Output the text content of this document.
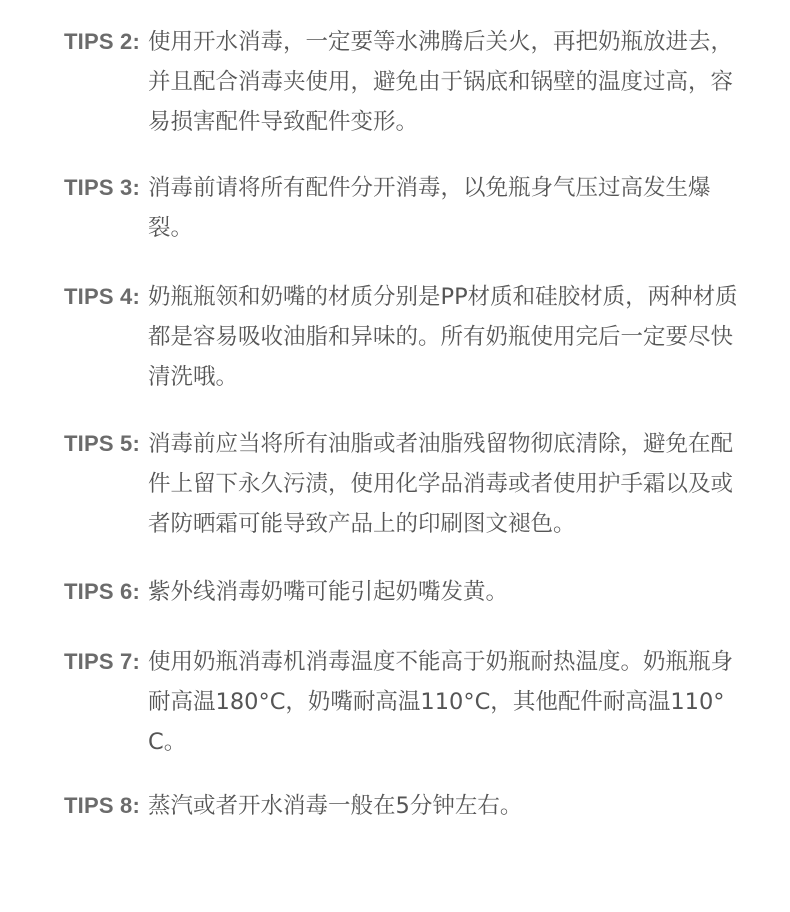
TIPS 2: 使用开水消毒，一定要等水沸腾后关火，再把奶瓶放进去，并且配合消毒夹使用，避免由于锅底和锅壁的温度过高，容易损害配件导致配件变形。
TIPS 3: 消毒前请将所有配件分开消毒，以免瓶身气压过高发生爆裂。
TIPS 4: 奶瓶瓶领和奶嘴的材质分别是PP材质和硅胶材质，两种材质都是容易吸收油脂和异味的。所有奶瓶使用完后一定要尽快清洗哦。
TIPS 5: 消毒前应当将所有油脂或者油脂残留物彻底清除，避免在配件上留下永久污渍，使用化学品消毒或者使用护手霜以及或者防晒霜可能导致产品上的印刷图文褪色。
TIPS 6: 紫外线消毒奶嘴可能引起奶嘴发黄。
TIPS 7: 使用奶瓶消毒机消毒温度不能高于奶瓶耐热温度。奶瓶瓶身耐高温180°C，奶嘴耐高温110°C，其他配件耐高温110°C。
TIPS 8: 蒸汽或者开水消毒一般在5分钟左右。
